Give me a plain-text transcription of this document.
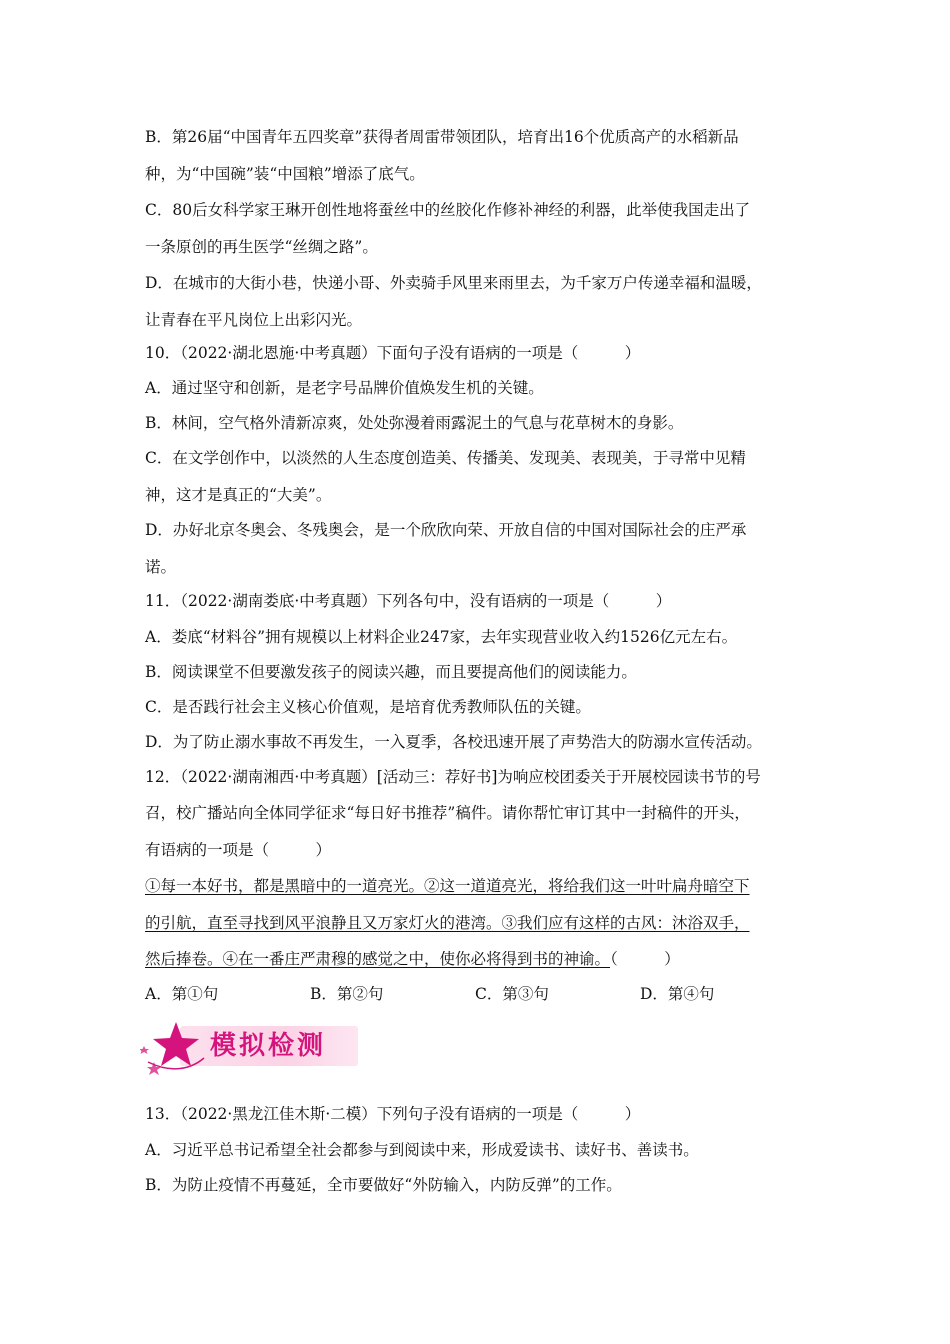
B．第26届“中国青年五四奖章”获得者周雷带领团队，培育出16个优质高产的水稻新品
种，为“中国碗”装“中国粮”增添了底气。
C．80后女科学家王琳开创性地将蚕丝中的丝胶化作修补神经的利器，此举使我国走出了
一条原创的再生医学“丝绸之路”。
D．在城市的大街小巷，快递小哥、外卖骑手风里来雨里去，为千家万户传递幸福和温暖，
让青春在平凡岗位上出彩闪光。
10．（2022·湖北恩施·中考真题）下面句子没有语病的一项是（　　　）
A．通过坚守和创新，是老字号品牌价值焕发生机的关键。
B．林间，空气格外清新凉爽，处处弥漫着雨露泥土的气息与花草树木的身影。
C．在文学创作中，以淡然的人生态度创造美、传播美、发现美、表现美，于寻常中见精
神，这才是真正的“大美”。
D．办好北京冬奥会、冬残奥会，是一个欣欣向荣、开放自信的中国对国际社会的庄严承
诺。
11．（2022·湖南娄底·中考真题）下列各句中，没有语病的一项是（　　　）
A．娄底“材料谷”拥有规模以上材料企业247家，去年实现营业收入约1526亿元左右。
B．阅读课堂不但要激发孩子的阅读兴趣，而且要提高他们的阅读能力。
C．是否践行社会主义核心价值观，是培育优秀教师队伍的关键。
D．为了防止溺水事故不再发生，一入夏季，各校迅速开展了声势浩大的防溺水宣传活动。
12．（2022·湖南湘西·中考真题）[活动三：荐好书]为响应校团委关于开展校园读书节的号
召，校广播站向全体同学征求“每日好书推荐”稿件。请你帮忙审订其中一封稿件的开头，
有语病的一项是（　　　）
①每一本好书，都是黑暗中的一道亮光。②这一道道亮光，将给我们这一叶叶扁舟暗空下
的引航，直至寻找到风平浪静且又万家灯火的港湾。③我们应有这样的古风：沐浴双手，
然后捧卷。④在一番庄严肃穆的感觉之中，使你必将得到书的神谕。（　　　）
A．第①句	B．第②句	C．第③句	D．第④句
模拟检测
13．（2022·黑龙江佳木斯·二模）下列句子没有语病的一项是（　　　）
A．习近平总书记希望全社会都参与到阅读中来，形成爱读书、读好书、善读书。
B．为防止疫情不再蔓延，全市要做好“外防输入，内防反弹”的工作。
